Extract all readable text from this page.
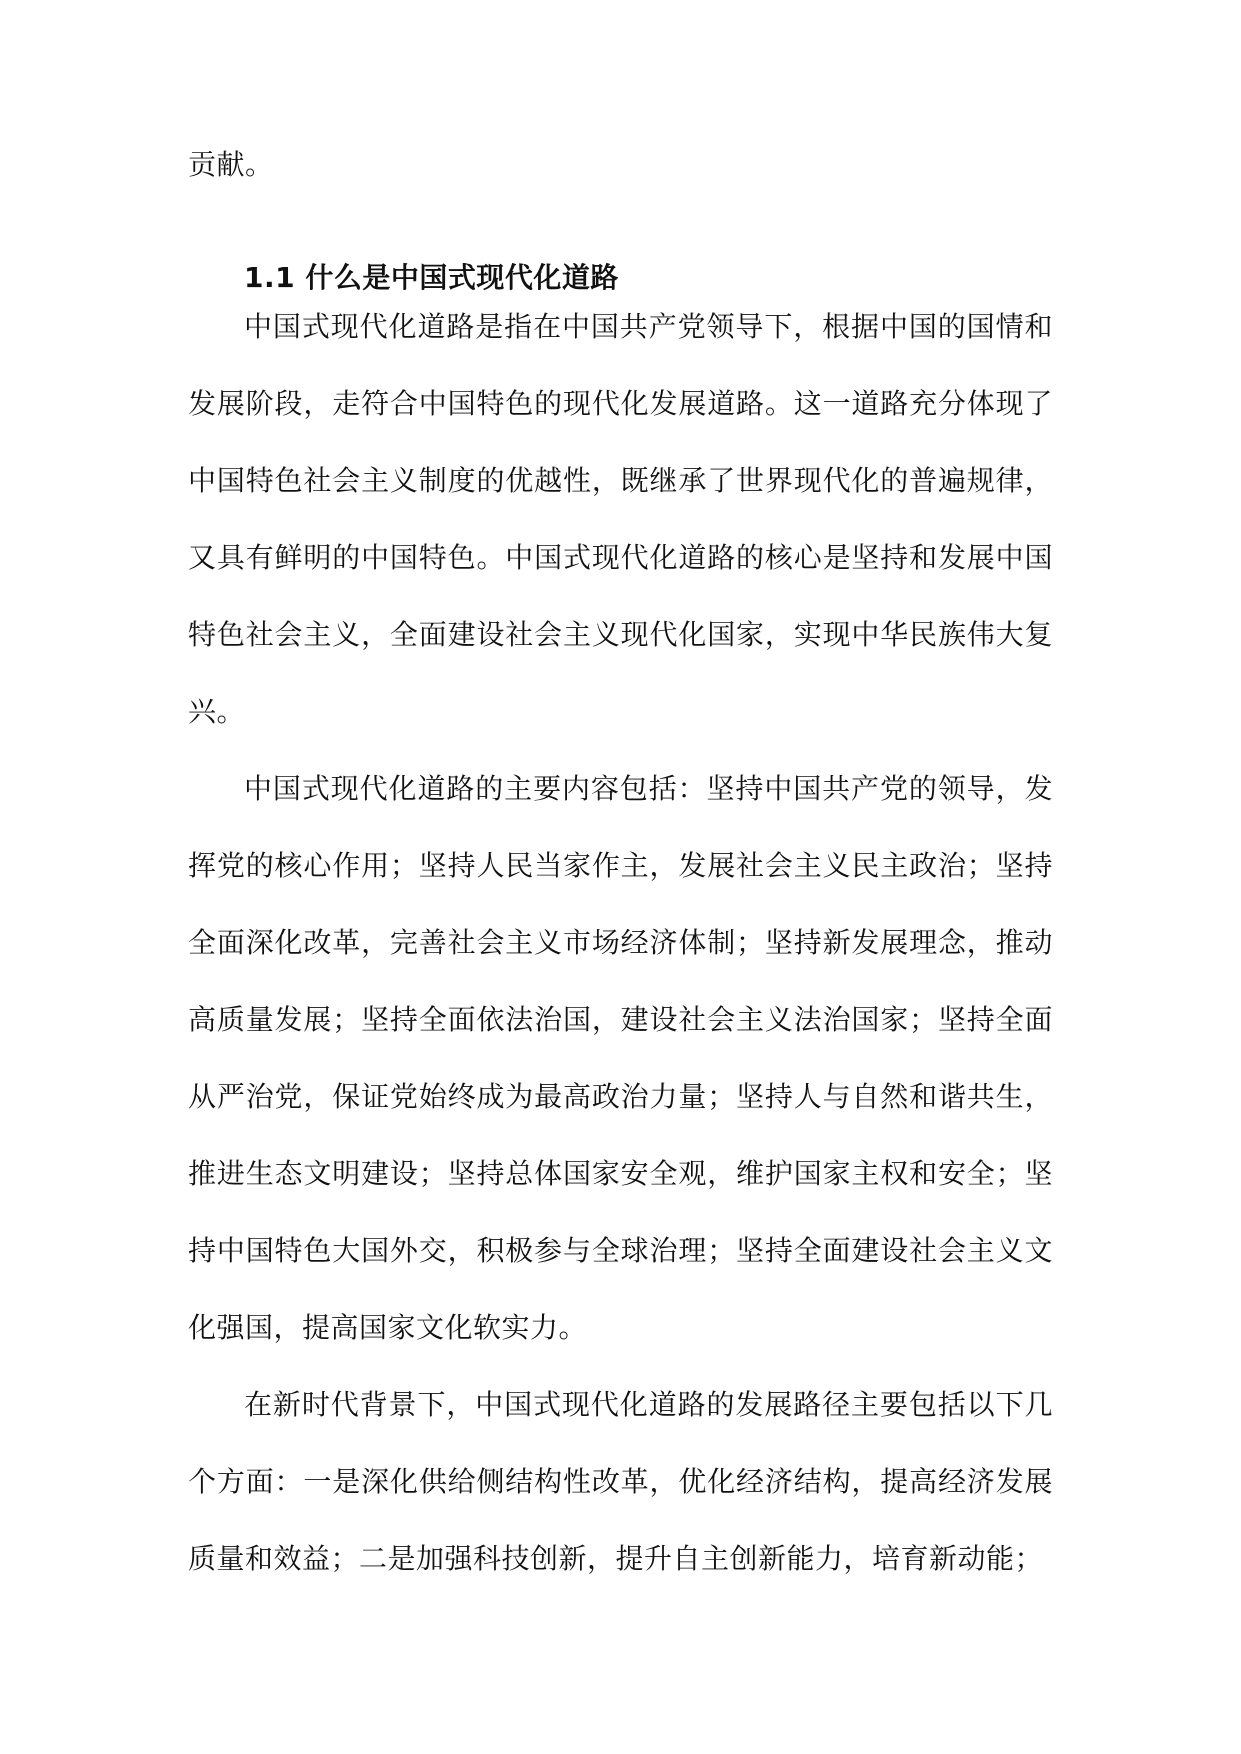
贡献。

1.1 什么是中国式现代化道路

中国式现代化道路是指在中国共产党领导下，根据中国的国情和发展阶段，走符合中国特色的现代化发展道路。这一道路充分体现了中国特色社会主义制度的优越性，既继承了世界现代化的普遍规律，又具有鲜明的中国特色。中国式现代化道路的核心是坚持和发展中国特色社会主义，全面建设社会主义现代化国家，实现中华民族伟大复兴。

中国式现代化道路的主要内容包括：坚持中国共产党的领导，发挥党的核心作用；坚持人民当家作主，发展社会主义民主政治；坚持全面深化改革，完善社会主义市场经济体制；坚持新发展理念，推动高质量发展；坚持全面依法治国，建设社会主义法治国家；坚持全面从严治党，保证党始终成为最高政治力量；坚持人与自然和谐共生，推进生态文明建设；坚持总体国家安全观，维护国家主权和安全；坚持中国特色大国外交，积极参与全球治理；坚持全面建设社会主义文化强国，提高国家文化软实力。

在新时代背景下，中国式现代化道路的发展路径主要包括以下几个方面：一是深化供给侧结构性改革，优化经济结构，提高经济发展质量和效益；二是加强科技创新，提升自主创新能力，培育新动能；
